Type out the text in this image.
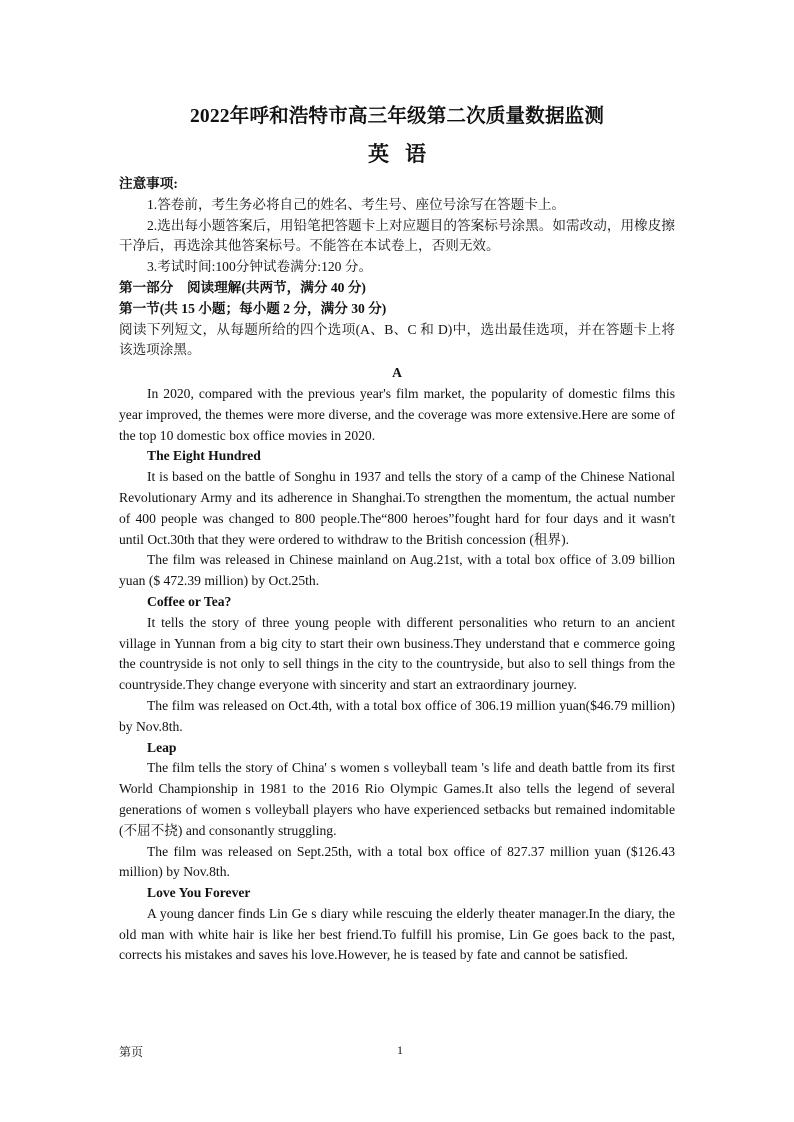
2022年呼和浩特市高三年级第二次质量数据监测
英语

注意事项:

1.答卷前，考生务必将自己的姓名、考生号、座位号涂写在答题卡上。

2.选出每小题答案后，用铅笔把答题卡上对应题目的答案标号涂黑。如需改动，用橡皮擦干净后，再选涂其他答案标号。不能答在本试卷上，否则无效。

3.考试时间:100分钟试卷满分:120 分。

第一部分　阅读理解(共两节，满分 40 分)

第一节(共 15 小题；每小题 2 分，满分 30 分)

阅读下列短文，从每题所给的四个选项(A、B、C 和 D)中，选出最佳选项，并在答题卡上将该选项涂黑。

A

In 2020, compared with the previous year's film market, the popularity of domestic films this year improved, the themes were more diverse, and the coverage was more extensive.Here are some of the top 10 domestic box office movies in 2020.

The Eight Hundred

It is based on the battle of Songhu in 1937 and tells the story of a camp of the Chinese National Revolutionary Army and its adherence in Shanghai.To strengthen the momentum, the actual number of 400 people was changed to 800 people.The“800 heroes”fought hard for four days and it wasn't until Oct.30th that they were ordered to withdraw to the British concession (租界).

The film was released in Chinese mainland on Aug.21st, with a total box office of 3.09 billion yuan ($ 472.39 million) by Oct.25th.

Coffee or Tea?

It tells the story of three young people with different personalities who return to an ancient village in Yunnan from a big city to start their own business.They understand that e commerce going the countryside is not only to sell things in the city to the countryside, but also to sell things from the countryside.They change everyone with sincerity and start an extraordinary journey.

The film was released on Oct.4th, with a total box office of 306.19 million yuan($46.79 million) by Nov.8th.

Leap

The film tells the story of China' s women s volleyball team 's life and death battle from its first World Championship in 1981 to the 2016 Rio Olympic Games.It also tells the legend of several generations of women s volleyball players who have experienced setbacks but remained indomitable (不屈不挠) and consonantly struggling.

The film was released on Sept.25th, with a total box office of 827.37 million yuan ($126.43 million) by Nov.8th.

Love You Forever

A young dancer finds Lin Ge s diary while rescuing the elderly theater manager.In the diary, the old man with white hair is like her best friend.To fulfill his promise, Lin Ge goes back to the past, corrects his mistakes and saves his love.However, he is teased by fate and cannot be satisfied.

第页	1
